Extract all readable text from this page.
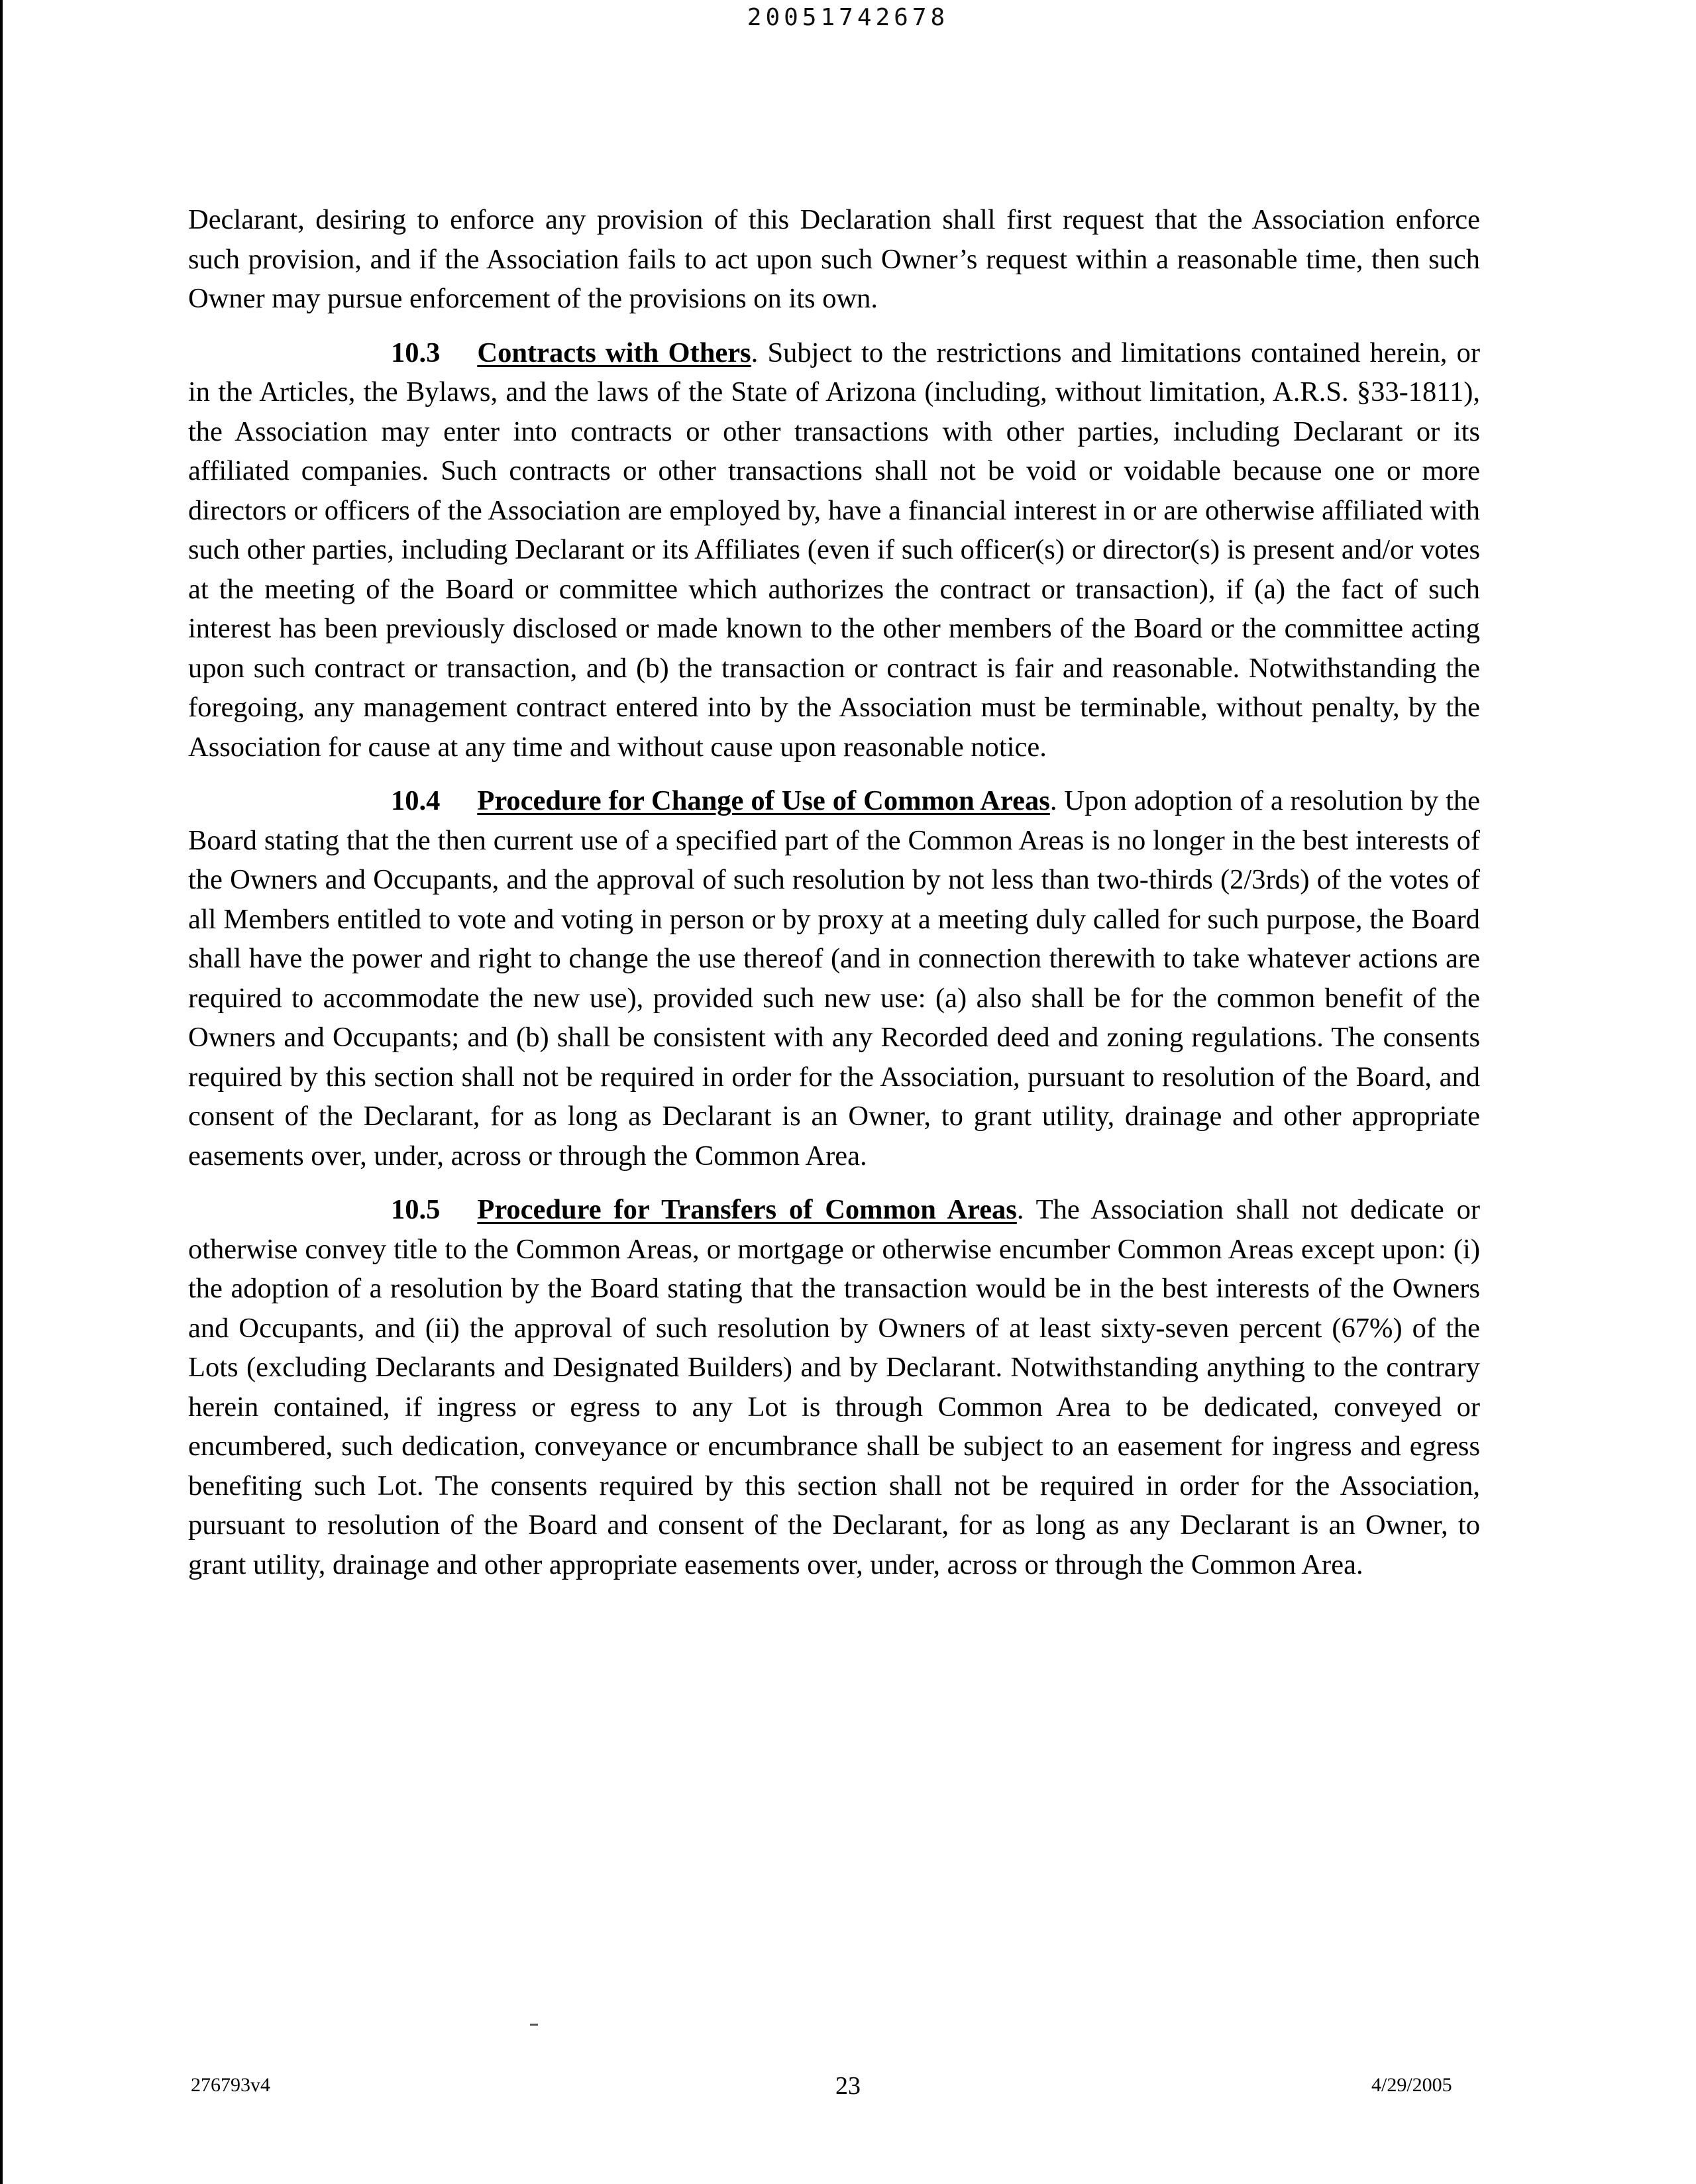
20051742678

Declarant, desiring to enforce any provision of this Declaration shall first request that the Association enforce such provision, and if the Association fails to act upon such Owner’s request within a reasonable time, then such Owner may pursue enforcement of the provisions on its own.

10.3 Contracts with Others. Subject to the restrictions and limitations contained herein, or in the Articles, the Bylaws, and the laws of the State of Arizona (including, without limitation, A.R.S. §33-1811), the Association may enter into contracts or other transactions with other parties, including Declarant or its affiliated companies. Such contracts or other transactions shall not be void or voidable because one or more directors or officers of the Association are employed by, have a financial interest in or are otherwise affiliated with such other parties, including Declarant or its Affiliates (even if such officer(s) or director(s) is present and/or votes at the meeting of the Board or committee which authorizes the contract or transaction), if (a) the fact of such interest has been previously disclosed or made known to the other members of the Board or the committee acting upon such contract or transaction, and (b) the transaction or contract is fair and reasonable. Notwithstanding the foregoing, any management contract entered into by the Association must be terminable, without penalty, by the Association for cause at any time and without cause upon reasonable notice.

10.4 Procedure for Change of Use of Common Areas. Upon adoption of a resolution by the Board stating that the then current use of a specified part of the Common Areas is no longer in the best interests of the Owners and Occupants, and the approval of such resolution by not less than two-thirds (2/3rds) of the votes of all Members entitled to vote and voting in person or by proxy at a meeting duly called for such purpose, the Board shall have the power and right to change the use thereof (and in connection therewith to take whatever actions are required to accommodate the new use), provided such new use: (a) also shall be for the common benefit of the Owners and Occupants; and (b) shall be consistent with any Recorded deed and zoning regulations. The consents required by this section shall not be required in order for the Association, pursuant to resolution of the Board, and consent of the Declarant, for as long as Declarant is an Owner, to grant utility, drainage and other appropriate easements over, under, across or through the Common Area.

10.5 Procedure for Transfers of Common Areas. The Association shall not dedicate or otherwise convey title to the Common Areas, or mortgage or otherwise encumber Common Areas except upon: (i) the adoption of a resolution by the Board stating that the transaction would be in the best interests of the Owners and Occupants, and (ii) the approval of such resolution by Owners of at least sixty-seven percent (67%) of the Lots (excluding Declarants and Designated Builders) and by Declarant. Notwithstanding anything to the contrary herein contained, if ingress or egress to any Lot is through Common Area to be dedicated, conveyed or encumbered, such dedication, conveyance or encumbrance shall be subject to an easement for ingress and egress benefiting such Lot. The consents required by this section shall not be required in order for the Association, pursuant to resolution of the Board and consent of the Declarant, for as long as any Declarant is an Owner, to grant utility, drainage and other appropriate easements over, under, across or through the Common Area.

276793v4	23	4/29/2005
